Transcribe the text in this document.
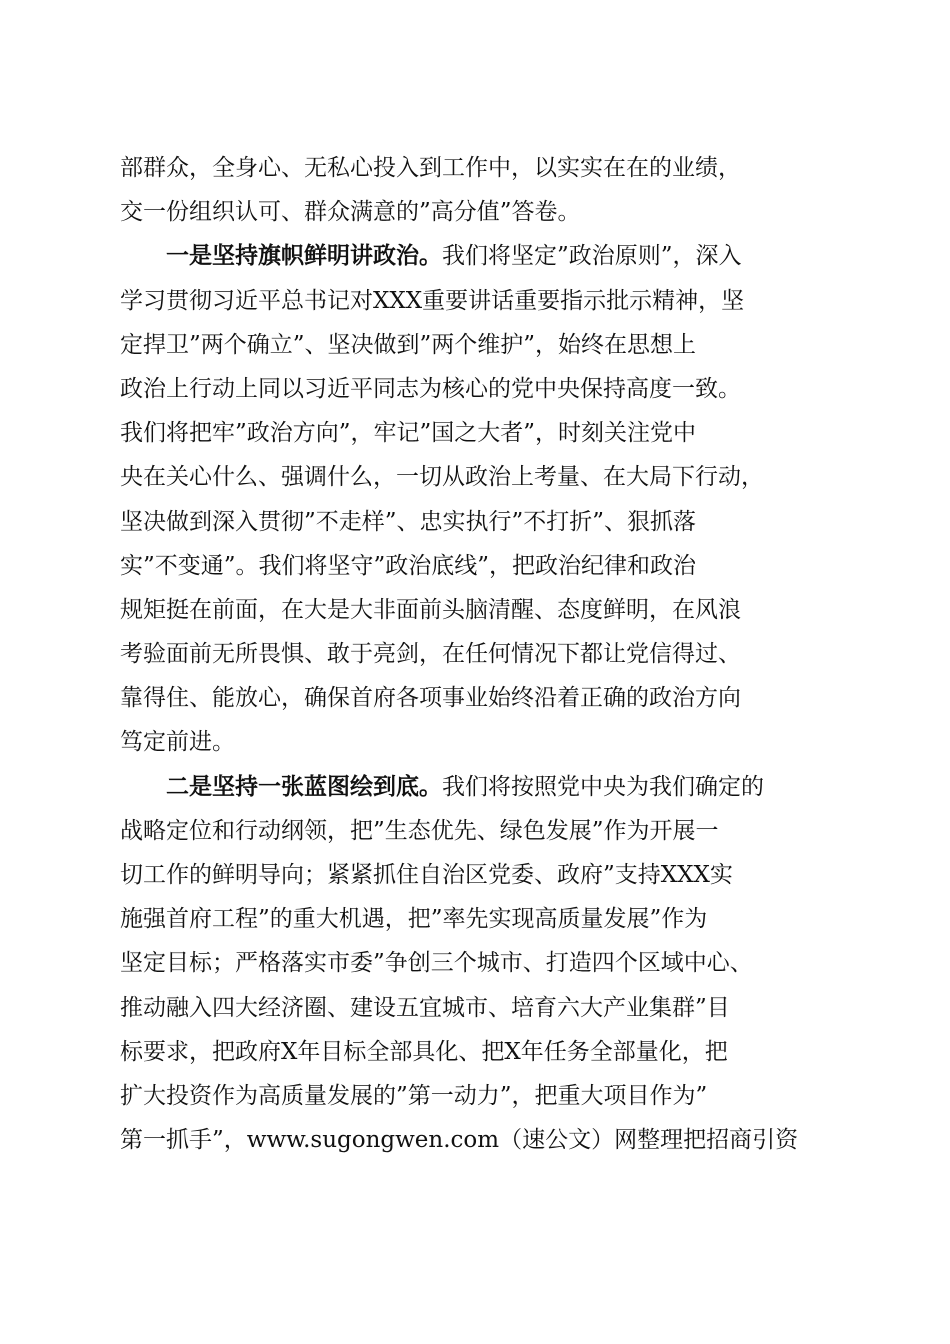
部群众，全身心、无私心投入到工作中，以实实在在的业绩，
交一份组织认可、群众满意的”高分值”答卷。
一是坚持旗帜鲜明讲政治。我们将坚定”政治原则”，深入
学习贯彻习近平总书记对XXX重要讲话重要指示批示精神，坚
定捍卫”两个确立”、坚决做到”两个维护”，始终在思想上
政治上行动上同以习近平同志为核心的党中央保持高度一致。
我们将把牢”政治方向”，牢记”国之大者”，时刻关注党中
央在关心什么、强调什么，一切从政治上考量、在大局下行动，
坚决做到深入贯彻”不走样”、忠实执行”不打折”、狠抓落
实”不变通”。我们将坚守”政治底线”，把政治纪律和政治
规矩挺在前面，在大是大非面前头脑清醒、态度鲜明，在风浪
考验面前无所畏惧、敢于亮剑，在任何情况下都让党信得过、
靠得住、能放心，确保首府各项事业始终沿着正确的政治方向
笃定前进。
二是坚持一张蓝图绘到底。我们将按照党中央为我们确定的
战略定位和行动纲领，把”生态优先、绿色发展”作为开展一
切工作的鲜明导向；紧紧抓住自治区党委、政府”支持XXX实
施强首府工程”的重大机遇，把”率先实现高质量发展”作为
坚定目标；严格落实市委”争创三个城市、打造四个区域中心、
推动融入四大经济圈、建设五宜城市、培育六大产业集群”目
标要求，把政府X年目标全部具化、把X年任务全部量化，把
扩大投资作为高质量发展的”第一动力”，把重大项目作为”
第一抓手”，www.sugongwen.com（速公文）网整理把招商引资
